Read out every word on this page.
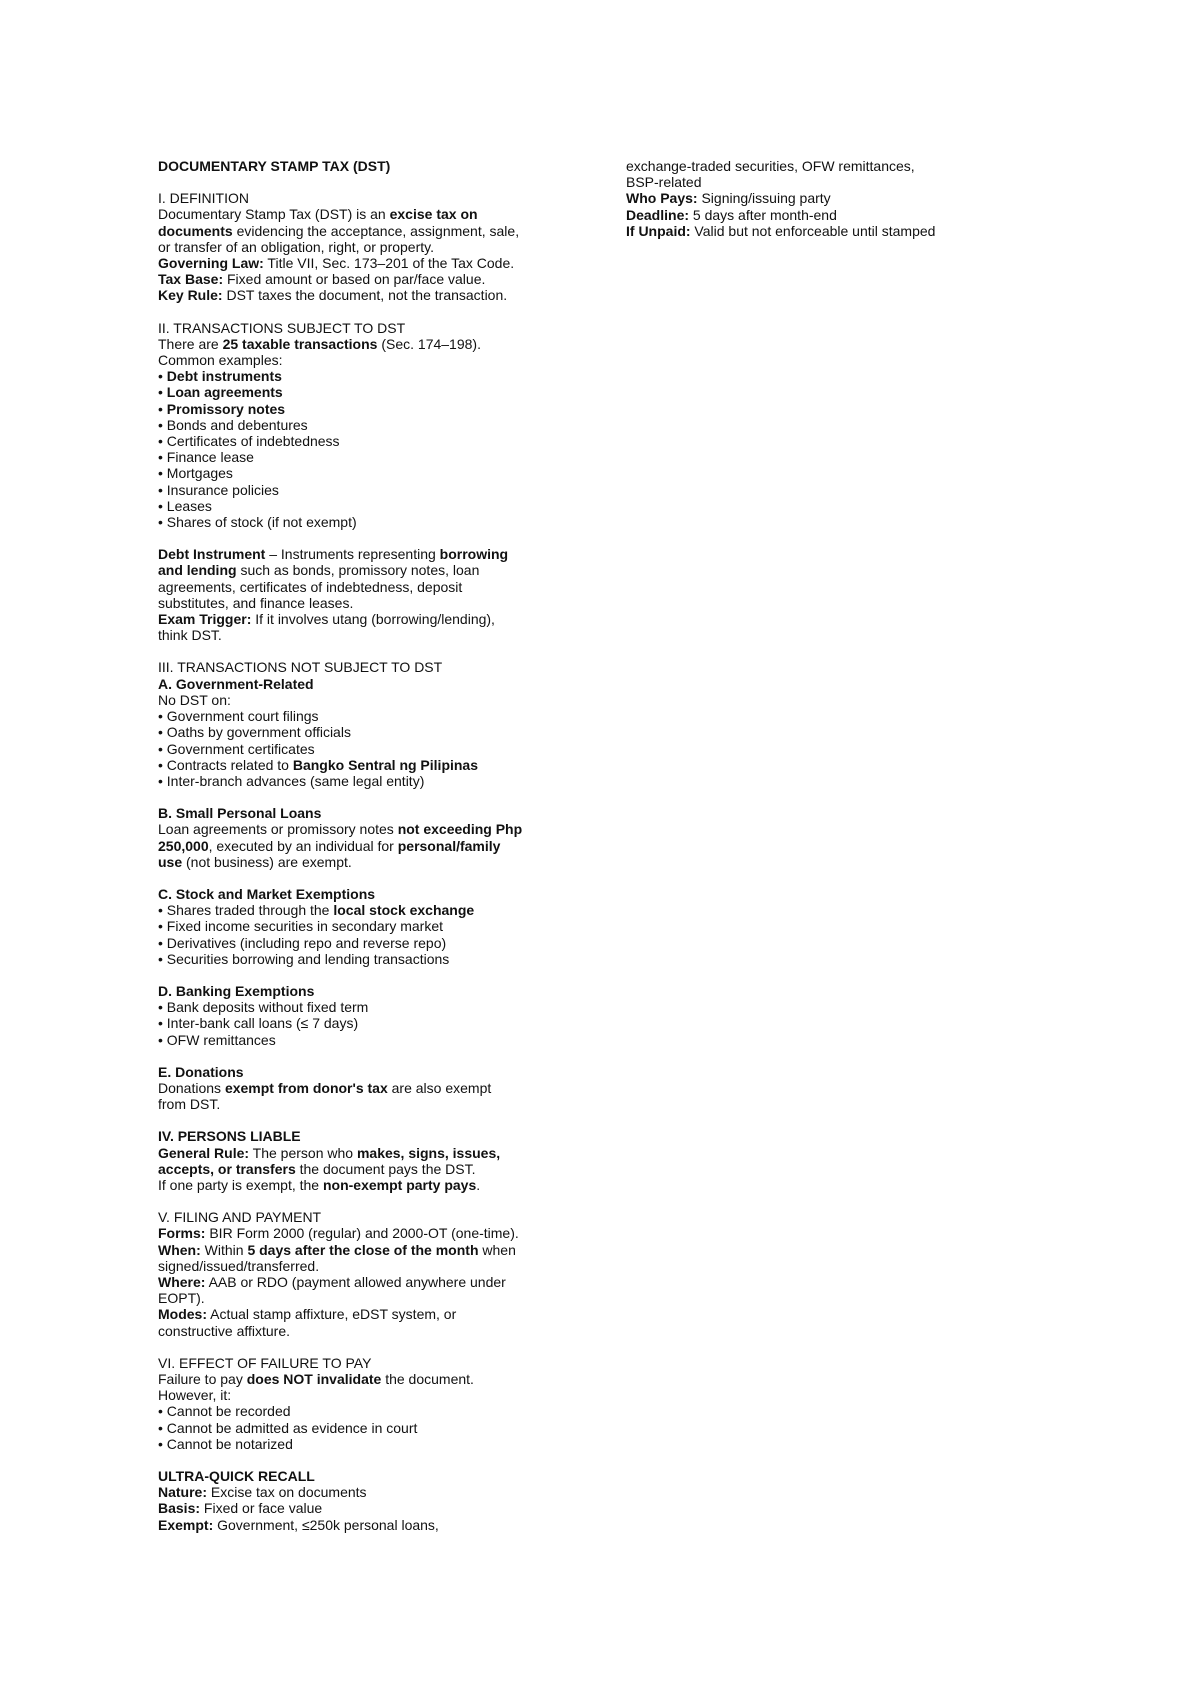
DOCUMENTARY STAMP TAX (DST)
I. DEFINITION
Documentary Stamp Tax (DST) is an excise tax on
documents evidencing the acceptance, assignment, sale,
or transfer of an obligation, right, or property.
Governing Law: Title VII, Sec. 173–201 of the Tax Code.
Tax Base: Fixed amount or based on par/face value.
Key Rule: DST taxes the document, not the transaction.
II. TRANSACTIONS SUBJECT TO DST
There are 25 taxable transactions (Sec. 174–198).
Common examples:
• Debt instruments
• Loan agreements
• Promissory notes
• Bonds and debentures
• Certificates of indebtedness
• Finance lease
• Mortgages
• Insurance policies
• Leases
• Shares of stock (if not exempt)
Debt Instrument – Instruments representing borrowing
and lending such as bonds, promissory notes, loan
agreements, certificates of indebtedness, deposit
substitutes, and finance leases.
Exam Trigger: If it involves utang (borrowing/lending),
think DST.
III. TRANSACTIONS NOT SUBJECT TO DST
A. Government-Related
No DST on:
• Government court filings
• Oaths by government officials
• Government certificates
• Contracts related to Bangko Sentral ng Pilipinas
• Inter-branch advances (same legal entity)
B. Small Personal Loans
Loan agreements or promissory notes not exceeding Php
250,000, executed by an individual for personal/family
use (not business) are exempt.
C. Stock and Market Exemptions
• Shares traded through the local stock exchange
• Fixed income securities in secondary market
• Derivatives (including repo and reverse repo)
• Securities borrowing and lending transactions
D. Banking Exemptions
• Bank deposits without fixed term
• Inter-bank call loans (≤ 7 days)
• OFW remittances
E. Donations
Donations exempt from donor's tax are also exempt
from DST.
IV. PERSONS LIABLE
General Rule: The person who makes, signs, issues,
accepts, or transfers the document pays the DST.
If one party is exempt, the non-exempt party pays.
V. FILING AND PAYMENT
Forms: BIR Form 2000 (regular) and 2000-OT (one-time).
When: Within 5 days after the close of the month when
signed/issued/transferred.
Where: AAB or RDO (payment allowed anywhere under
EOPT).
Modes: Actual stamp affixture, eDST system, or
constructive affixture.
VI. EFFECT OF FAILURE TO PAY
Failure to pay does NOT invalidate the document.
However, it:
• Cannot be recorded
• Cannot be admitted as evidence in court
• Cannot be notarized
ULTRA-QUICK RECALL
Nature: Excise tax on documents
Basis: Fixed or face value
Exempt: Government, ≤250k personal loans,
exchange-traded securities, OFW remittances,
BSP-related
Who Pays: Signing/issuing party
Deadline: 5 days after month-end
If Unpaid: Valid but not enforceable until stamped
